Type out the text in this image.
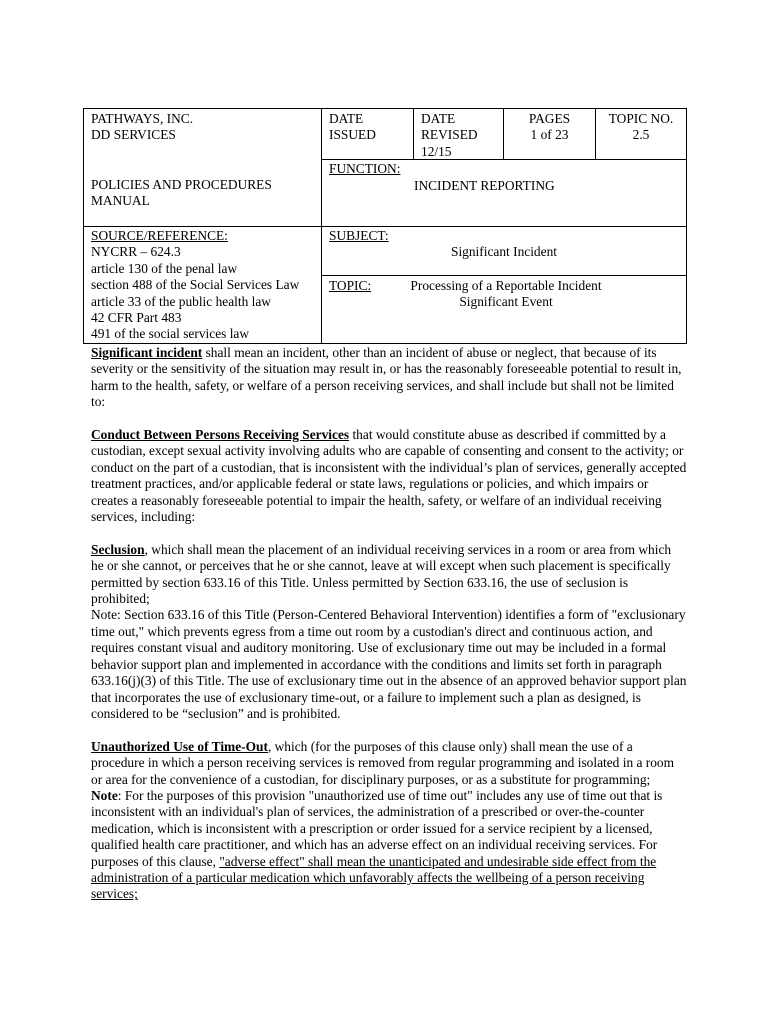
PATHWAYS, INC.
DD SERVICES
DATE
ISSUED
DATE
REVISED
12/15
PAGES
1 of 23
TOPIC NO.
2.5
POLICIES AND PROCEDURES
MANUAL
FUNCTION:
INCIDENT REPORTING
SOURCE/REFERENCE:
NYCRR – 624.3
article 130 of the penal law
section 488 of the Social Services Law
article 33 of the public health law
42 CFR Part 483
491 of the social services law
SUBJECT:
Significant Incident
TOPIC:	Processing of a Reportable Incident
Significant Event

Significant incident shall mean an incident, other than an incident of abuse or neglect, that because of its severity or the sensitivity of the situation may result in, or has the reasonably foreseeable potential to result in, harm to the health, safety, or welfare of a person receiving services, and shall include but shall not be limited to:

Conduct Between Persons Receiving Services that would constitute abuse as described if committed by a custodian, except sexual activity involving adults who are capable of consenting and consent to the activity; or conduct on the part of a custodian, that is inconsistent with the individual’s plan of services, generally accepted treatment practices, and/or applicable federal or state laws, regulations or policies, and which impairs or creates a reasonably foreseeable potential to impair the health, safety, or welfare of an individual receiving services, including:

Seclusion, which shall mean the placement of an individual receiving services in a room or area from which he or she cannot, or perceives that he or she cannot, leave at will except when such placement is specifically permitted by section 633.16 of this Title. Unless permitted by Section 633.16, the use of seclusion is prohibited;

Note: Section 633.16 of this Title (Person-Centered Behavioral Intervention) identifies a form of "exclusionary time out," which prevents egress from a time out room by a custodian's direct and continuous action, and requires constant visual and auditory monitoring. Use of exclusionary time out may be included in a formal behavior support plan and implemented in accordance with the conditions and limits set forth in paragraph 633.16(j)(3) of this Title. The use of exclusionary time out in the absence of an approved behavior support plan that incorporates the use of exclusionary time-out, or a failure to implement such a plan as designed, is considered to be “seclusion” and is prohibited.

Unauthorized Use of Time-Out, which (for the purposes of this clause only) shall mean the use of a procedure in which a person receiving services is removed from regular programming and isolated in a room or area for the convenience of a custodian, for disciplinary purposes, or as a substitute for programming;

Note: For the purposes of this provision "unauthorized use of time out" includes any use of time out that is inconsistent with an individual's plan of services, the administration of a prescribed or over-the-counter medication, which is inconsistent with a prescription or order issued for a service recipient by a licensed, qualified health care practitioner, and which has an adverse effect on an individual receiving services. For purposes of this clause, "adverse effect" shall mean the unanticipated and undesirable side effect from the administration of a particular medication which unfavorably affects the wellbeing of a person receiving services;
